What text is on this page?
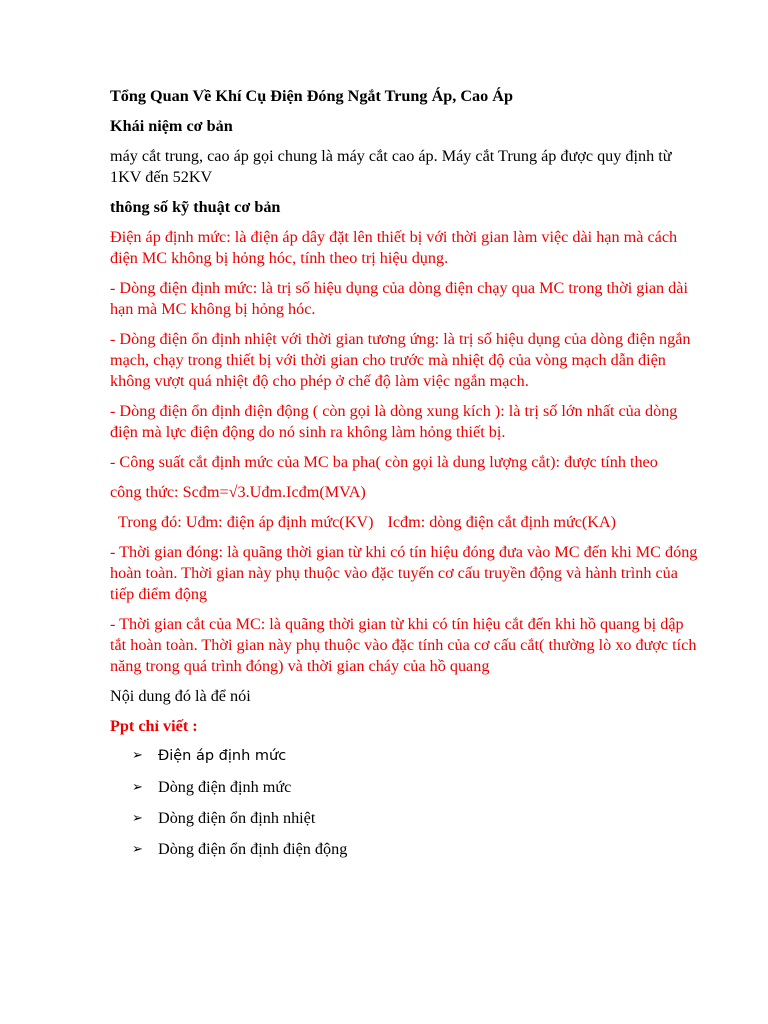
Tổng Quan Về Khí Cụ Điện Đóng Ngắt Trung Áp, Cao Áp

Khái niệm cơ bản

máy cắt trung, cao áp gọi chung là máy cắt cao áp. Máy cắt Trung áp được quy định từ 1KV đến 52KV

thông số kỹ thuật cơ bản

Điện áp định mức: là điện áp dây đặt lên thiết bị với thời gian làm việc dài hạn mà cách điện MC không bị hỏng hóc, tính theo trị hiệu dụng.

- Dòng điện định mức: là trị số hiệu dụng của dòng điện chạy qua MC trong thời gian dài hạn mà MC không bị hỏng hóc.

- Dòng điện ổn định nhiệt với thời gian tương ứng: là trị số hiệu dụng của dòng điện ngắn mạch, chạy trong thiết bị với thời gian cho trước mà nhiệt độ của vòng mạch dẫn điện không vượt quá nhiệt độ cho phép ở chế độ làm việc ngắn mạch.

- Dòng điện ổn định điện động ( còn gọi là dòng xung kích ): là trị số lớn nhất của dòng điện mà lực điện động do nó sinh ra không làm hỏng thiết bị.

- Công suất cắt định mức của MC ba pha( còn gọi là dung lượng cắt): được tính theo

công thức: Scđm=√3.Uđm.Icđm(MVA)

Trong đó: Uđm: điện áp định mức(KV) Icđm: dòng điện cắt định mức(KA)

- Thời gian đóng: là quãng thời gian từ khi có tín hiệu đóng đưa vào MC đến khi MC đóng hoàn toàn. Thời gian này phụ thuộc vào đặc tuyến cơ cấu truyền động và hành trình của tiếp điểm động

- Thời gian cắt của MC: là quãng thời gian từ khi có tín hiệu cắt đến khi hồ quang bị dập tắt hoàn toàn. Thời gian này phụ thuộc vào đặc tính của cơ cấu cắt( thường lò xo được tích năng trong quá trình đóng) và thời gian cháy của hồ quang

Nội dung đó là để nói

Ppt chỉ viết :

➢ Điện áp định mức
➢ Dòng điện định mức
➢ Dòng điện ổn định nhiệt
➢ Dòng điện ổn định điện động
